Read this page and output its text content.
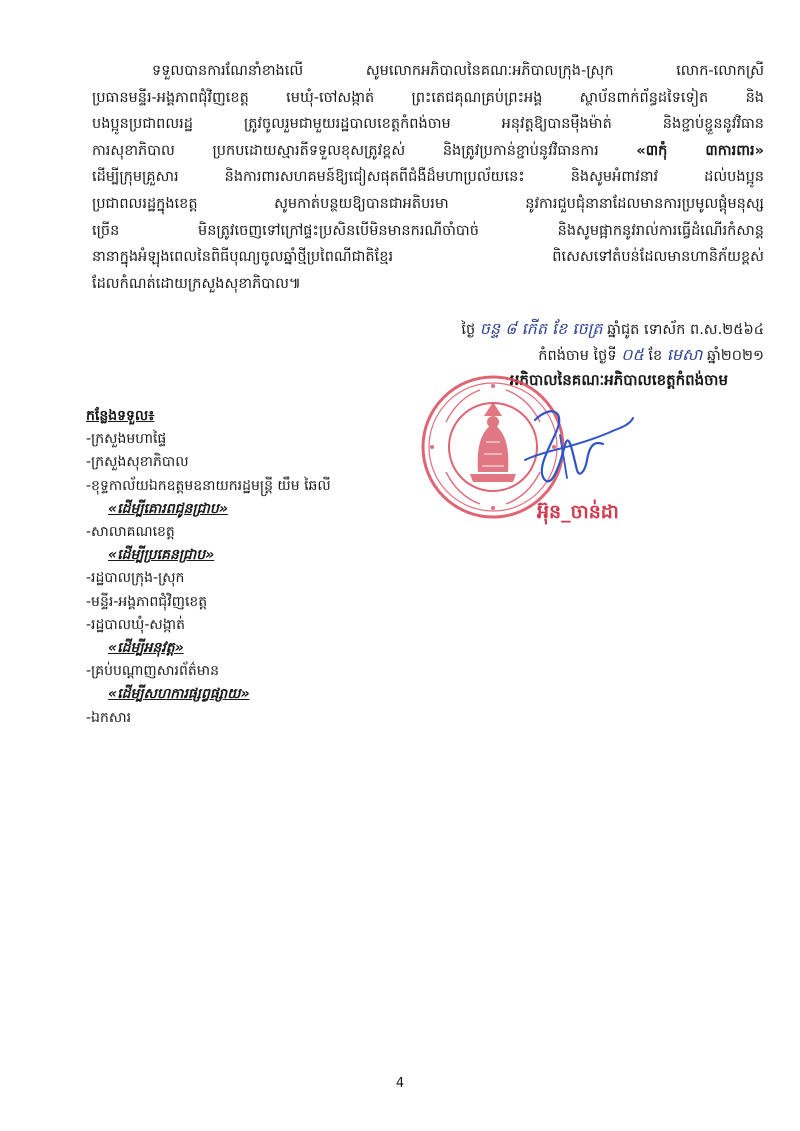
ទទួលបានការណែនាំខាងលើ សូមលោកអភិបាលនៃគណៈអភិបាលក្រុង-ស្រុក លោក-លោកស្រី
ប្រធានមន្ទីរ-អង្គភាពជុំវិញខេត្ត មេឃុំ-ចៅសង្កាត់ ព្រះតេជគុណគ្រប់ព្រះអង្គ ស្ថាប័នពាក់ព័ន្ធដទៃទៀត និង
បងប្អូនប្រជាពលរដ្ឋ ត្រូវចូលរួមជាមួយរដ្ឋបាលខេត្តកំពង់ចាម អនុវត្តឱ្យបានម៉ឺងម៉ាត់ និងខ្ជាប់ខ្ជួននូវវិធាន
ការសុខាភិបាល ប្រកបដោយស្មារតីទទួលខុសត្រូវខ្ពស់ និងត្រូវប្រកាន់ខ្ជាប់នូវវិធានការ	«៣កុំ ៣ការពារ»
ដើម្បីក្រុមគ្រួសារ និងការពារសហគមន៍ឱ្យជៀសផុតពីជំងឺដ៏មហាប្រល័យនេះ និងសូមអំពាវនាវ ដល់បងប្អូន
ប្រជាពលរដ្ឋក្នុងខេត្ត សូមកាត់បន្ថយឱ្យបានជាអតិបរមា នូវការជួបជុំនានាដែលមានការប្រមូលផ្តុំមនុស្ស
ច្រើន មិនត្រូវចេញទៅក្រៅផ្ទះប្រសិនបើមិនមានករណីចាំបាច់ និងសូមផ្អាកនូវរាល់ការធ្វើដំណើរកំសាន្ត
នានាក្នុងអំឡុងពេលនៃពិធីបុណ្យចូលឆ្នាំថ្មីប្រពៃណីជាតិខ្មែរ ពិសេសទៅតំបន់ដែលមានហានិភ័យខ្ពស់
ដែលកំណត់ដោយក្រសួងសុខាភិបាល៕
ថ្ងៃ ចន្ទ ៨ កើត ខែ ចេត្រ ឆ្នាំជូត ទោស័ក ព.ស.២៥៦៤
កំពង់ចាម ថ្ងៃទី ០៥ ខែ មេសា ឆ្នាំ២០២១
អភិបាលនៃគណៈអភិបាលខេត្តកំពង់ចាម
អ៊ុន_ចាន់ដា
កន្លែងទទួល៖
-ក្រសួងមហាផ្ទៃ
-ក្រសួងសុខាភិបាល
-ខុទ្ទកាល័យឯកឧត្តមឧនាយករដ្ឋមន្ត្រី យឹម ឆៃលី
«ដើម្បីគោរពជូនជ្រាប»
-សាលាគណខេត្ត
«ដើម្បីប្រគេនជ្រាប»
-រដ្ឋបាលក្រុង-ស្រុក
-មន្ទីរ-អង្គភាពជុំវិញខេត្ត
-រដ្ឋបាលឃុំ-សង្កាត់
«ដើម្បីអនុវត្ត»
-គ្រប់បណ្តាញសារព័ត៌មាន
«ដើម្បីសហការផ្សព្វផ្សាយ»
-ឯកសារ
4
